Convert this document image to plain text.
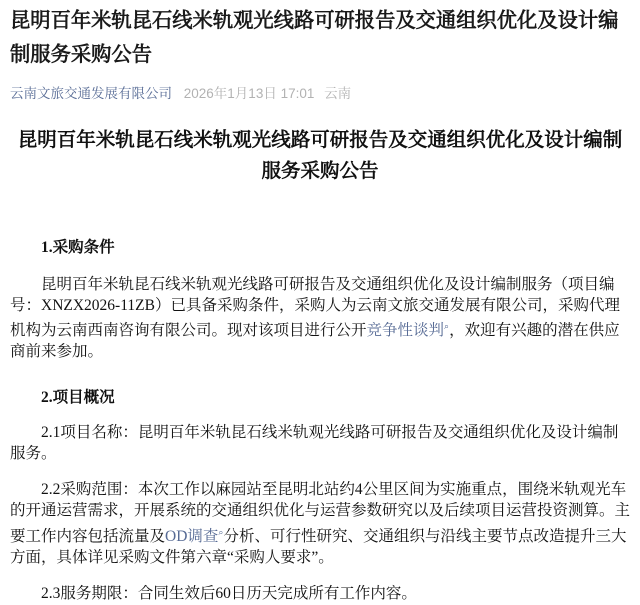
昆明百年米轨昆石线米轨观光线路可研报告及交通组织优化及设计编制服务采购公告
云南文旅交通发展有限公司 2026年1月13日 17:01 云南
昆明百年米轨昆石线米轨观光线路可研报告及交通组织优化及设计编制服务采购公告

1.采购条件

昆明百年米轨昆石线米轨观光线路可研报告及交通组织优化及设计编制服务（项目编号：XNZX2026-11ZB）已具备采购条件，采购人为云南文旅交通发展有限公司，采购代理机构为云南西南咨询有限公司。现对该项目进行公开竞争性谈判⌕，欢迎有兴趣的潜在供应商前来参加。

2.项目概况

2.1项目名称：昆明百年米轨昆石线米轨观光线路可研报告及交通组织优化及设计编制服务。

2.2采购范围：本次工作以麻园站至昆明北站约4公里区间为实施重点，围绕米轨观光车的开通运营需求，开展系统的交通组织优化与运营参数研究以及后续项目运营投资测算。主要工作内容包括流量及OD调查⌕分析、可行性研究、交通组织与沿线主要节点改造提升三大方面，具体详见采购文件第六章“采购人要求”。

2.3服务期限：合同生效后60日历天完成所有工作内容。
